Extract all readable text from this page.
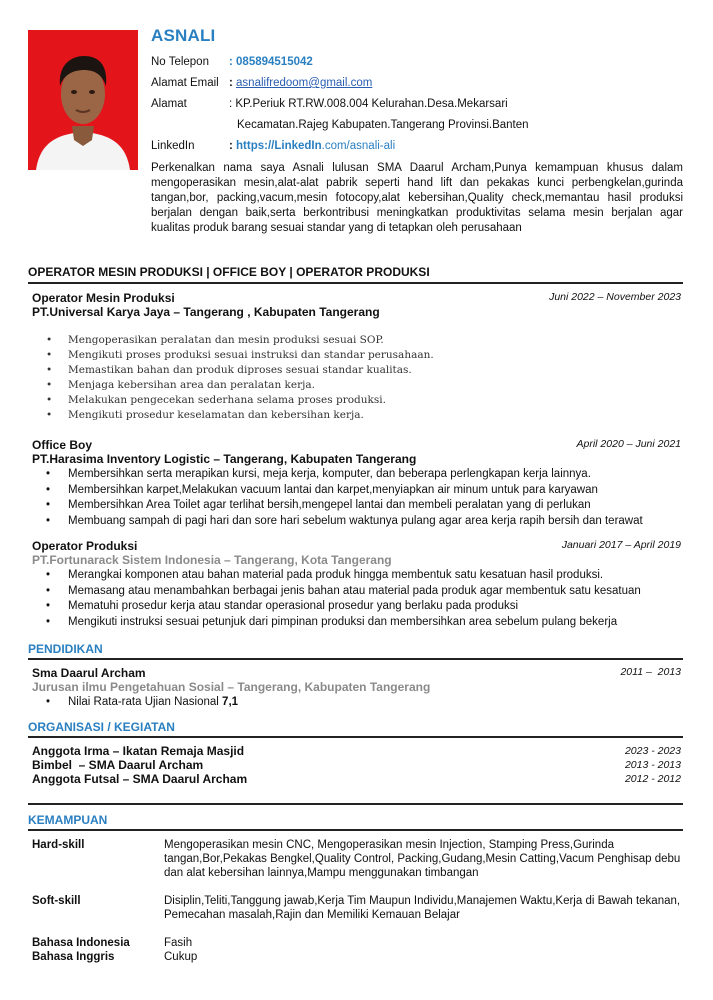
ASNALI
No Telepon	: 085894515042
Alamat Email : asnalifredoom@gmail.com
Alamat	: KP.Periuk RT.RW.008.004 Kelurahan.Desa.Mekarsari
Kecamatan.Rajeg Kabupaten.Tangerang Provinsi.Banten
LinkedIn	: https://LinkedIn.com/asnali-ali
Perkenalkan nama saya Asnali lulusan SMA Daarul Archam,Punya kemampuan khusus dalam mengoperasikan mesin,alat-alat pabrik seperti hand lift dan pekakas kunci perbengkelan,gurinda tangan,bor, packing,vacum,mesin fotocopy,alat kebersihan,Quality check,memantau hasil produksi berjalan dengan baik,serta berkontribusi meningkatkan produktivitas selama mesin berjalan agar kualitas produk barang sesuai standar yang di tetapkan oleh perusahaan
OPERATOR MESIN PRODUKSI | OFFICE BOY | OPERATOR PRODUKSI
Operator Mesin Produksi	Juni 2022 – November 2023
PT.Universal Karya Jaya – Tangerang , Kabupaten Tangerang
• Mengoperasikan peralatan dan mesin produksi sesuai SOP.
• Mengikuti proses produksi sesuai instruksi dan standar perusahaan.
• Memastikan bahan dan produk diproses sesuai standar kualitas.
• Menjaga kebersihan area dan peralatan kerja.
• Melakukan pengecekan sederhana selama proses produksi.
• Mengikuti prosedur keselamatan dan kebersihan kerja.
Office Boy	April 2020 – Juni 2021
PT.Harasima Inventory Logistic – Tangerang, Kabupaten Tangerang
• Membersihkan serta merapikan kursi, meja kerja, komputer, dan beberapa perlengkapan kerja lainnya.
• Membersihkan karpet,Melakukan vacuum lantai dan karpet,menyiapkan air minum untuk para karyawan
• Membersihkan Area Toilet agar terlihat bersih,mengepel lantai dan membeli peralatan yang di perlukan
• Membuang sampah di pagi hari dan sore hari sebelum waktunya pulang agar area kerja rapih bersih dan terawat
Operator Produksi	Januari 2017 – April 2019
PT.Fortunarack Sistem Indonesia – Tangerang, Kota Tangerang
• Merangkai komponen atau bahan material pada produk hingga membentuk satu kesatuan hasil produksi.
• Memasang atau menambahkan berbagai jenis bahan atau material pada produk agar membentuk satu kesatuan
• Mematuhi prosedur kerja atau standar operasional prosedur yang berlaku pada produksi
• Mengikuti instruksi sesuai petunjuk dari pimpinan produksi dan membersihkan area sebelum pulang bekerja
PENDIDIKAN
Sma Daarul Archam	2011 –  2013
Jurusan ilmu Pengetahuan Sosial – Tangerang, Kabupaten Tangerang
• Nilai Rata-rata Ujian Nasional 7,1
ORGANISASI / KEGIATAN
Anggota Irma – Ikatan Remaja Masjid	2023 - 2023
Bimbel  – SMA Daarul Archam	2013 - 2013
Anggota Futsal – SMA Daarul Archam	2012 - 2012
KEMAMPUAN
Hard-skill	Mengoperasikan mesin CNC, Mengoperasikan mesin Injection, Stamping Press,Gurinda tangan,Bor,Pekakas Bengkel,Quality Control, Packing,Gudang,Mesin Catting,Vacum Penghisap debu dan alat kebersihan lainnya,Mampu menggunakan timbangan
Soft-skill	Disiplin,Teliti,Tanggung jawab,Kerja Tim Maupun Individu,Manajemen Waktu,Kerja di Bawah tekanan, Pemecahan masalah,Rajin dan Memiliki Kemauan Belajar
Bahasa Indonesia	Fasih
Bahasa Inggris	Cukup
